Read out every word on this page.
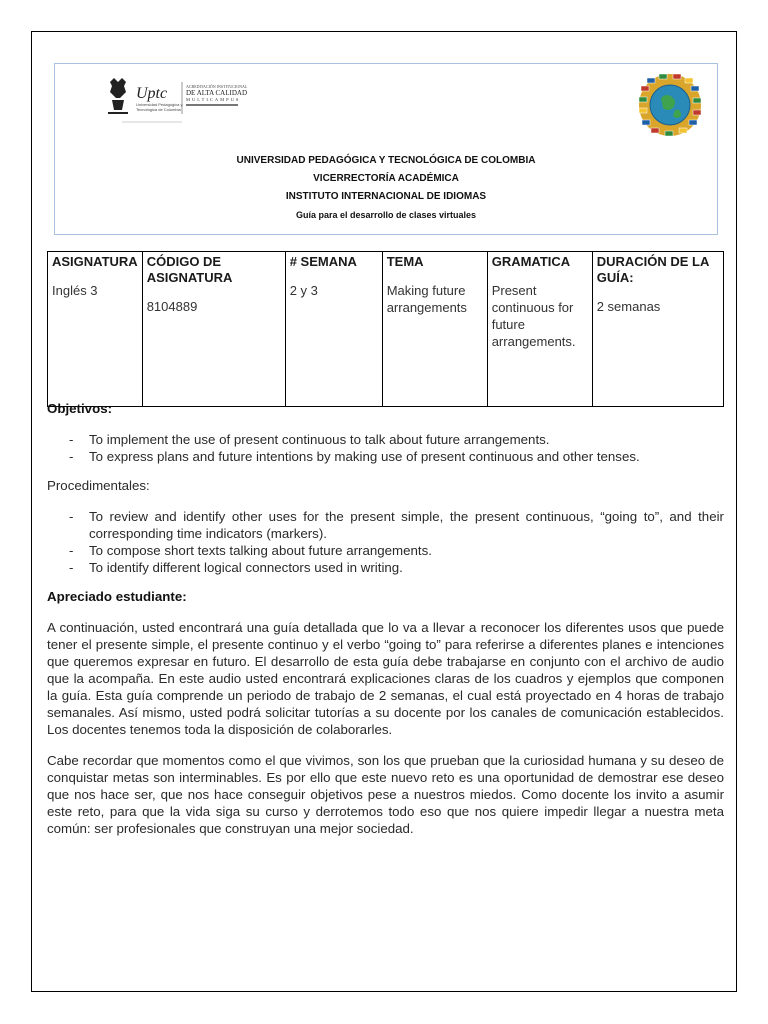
Uptc
Universidad Pedagógica y
Tecnológica de Colombia
ACREDITACIÓN INSTITUCIONAL
DE ALTA CALIDAD
MULTICAMPUS
UNIVERSIDAD PEDAGÓGICA Y TECNOLÓGICA DE COLOMBIA
VICERRECTORÍA ACADÉMICA
INSTITUTO INTERNACIONAL DE IDIOMAS
Guía para el desarrollo de clases virtuales
ASIGNATURA
Inglés 3

CÓDIGO DE ASIGNATURA
8104889

# SEMANA
2 y 3

TEMA
Making future arrangements

GRAMATICA
Present continuous for future arrangements.

DURACIÓN DE LA GUÍA:
2 semanas

Objetivos:

- To implement the use of present continuous to talk about future arrangements.
- To express plans and future intentions by making use of present continuous and other tenses.

Procedimentales:

- To review and identify other uses for the present simple, the present continuous, “going to”, and their corresponding time indicators (markers).
- To compose short texts talking about future arrangements.
- To identify different logical connectors used in writing.

Apreciado estudiante:

A continuación, usted encontrará una guía detallada que lo va a llevar a reconocer los diferentes usos que puede tener el presente simple, el presente continuo y el verbo “going to” para referirse a diferentes planes e intenciones que queremos expresar en futuro. El desarrollo de esta guía debe trabajarse en conjunto con el archivo de audio que la acompaña. En este audio usted encontrará explicaciones claras de los cuadros y ejemplos que componen la guía. Esta guía comprende un periodo de trabajo de 2 semanas, el cual está proyectado en 4 horas de trabajo semanales. Así mismo, usted podrá solicitar tutorías a su docente por los canales de comunicación establecidos. Los docentes tenemos toda la disposición de colaborarles.

Cabe recordar que momentos como el que vivimos, son los que prueban que la curiosidad humana y su deseo de conquistar metas son interminables. Es por ello que este nuevo reto es una oportunidad de demostrar ese deseo que nos hace ser, que nos hace conseguir objetivos pese a nuestros miedos. Como docente los invito a asumir este reto, para que la vida siga su curso y derrotemos todo eso que nos quiere impedir llegar a nuestra meta común: ser profesionales que construyan una mejor sociedad.
